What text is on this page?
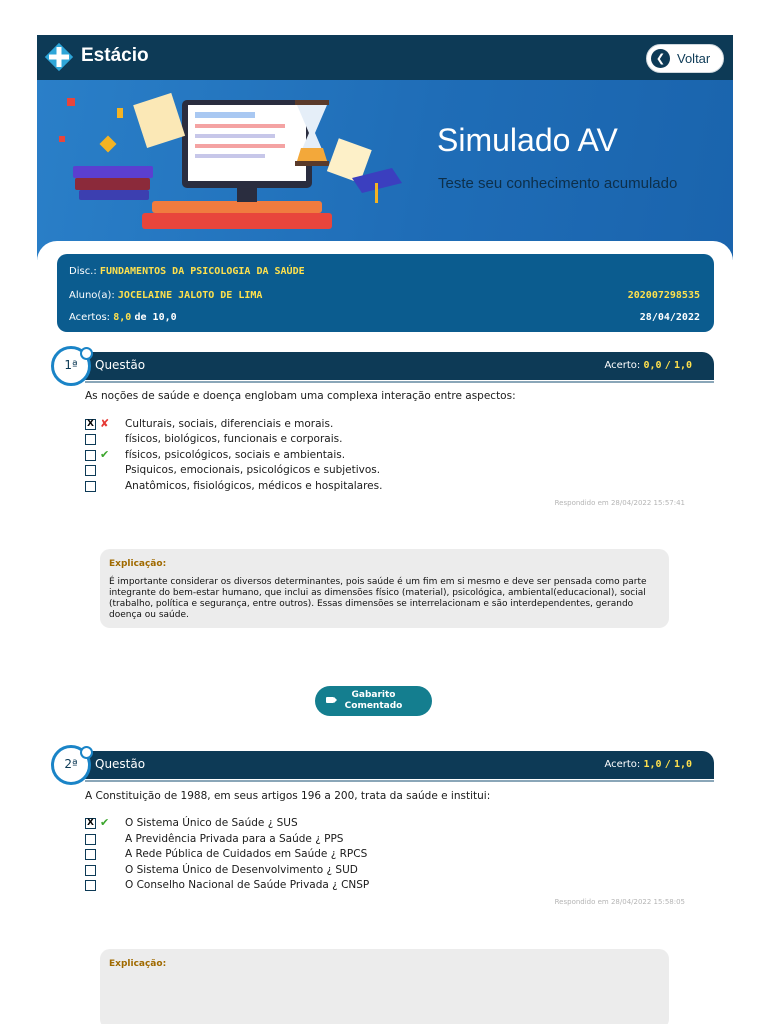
Estácio	❮ Voltar
Simulado AV
Teste seu conhecimento acumulado
Disc.: FUNDAMENTOS DA PSICOLOGIA DA SAÚDE
Aluno(a): JOCELAINE JALOTO DE LIMA	202007298535
Acertos: 8,0 de 10,0	28/04/2022
1ª	Questão	Acerto: 0,0 / 1,0
As noções de saúde e doença englobam uma complexa interação entre aspectos:
X ✘ Culturais, sociais, diferenciais e morais.
físicos, biológicos, funcionais e corporais.
✔ físicos, psicológicos, sociais e ambientais.
Psiquicos, emocionais, psicológicos e subjetivos.
Anatômicos, fisiológicos, médicos e hospitalares.
Respondido em 28/04/2022 15:57:41
Explicação:
É importante considerar os diversos determinantes, pois saúde é um fim em si mesmo e deve ser pensada como parte integrante do bem-estar humano, que inclui as dimensões físico (material), psicológica, ambiental(educacional), social (trabalho, política e segurança, entre outros). Essas dimensões se interrelacionam e são interdependentes, gerando doença ou saúde.
Gabarito
Comentado
2ª	Questão	Acerto: 1,0 / 1,0
A Constituição de 1988, em seus artigos 196 a 200, trata da saúde e institui:
X ✔ O Sistema Único de Saúde ¿ SUS
A Previdência Privada para a Saúde ¿ PPS
A Rede Pública de Cuidados em Saúde ¿ RPCS
O Sistema Único de Desenvolvimento ¿ SUD
O Conselho Nacional de Saúde Privada ¿ CNSP
Respondido em 28/04/2022 15:58:05
Explicação:
